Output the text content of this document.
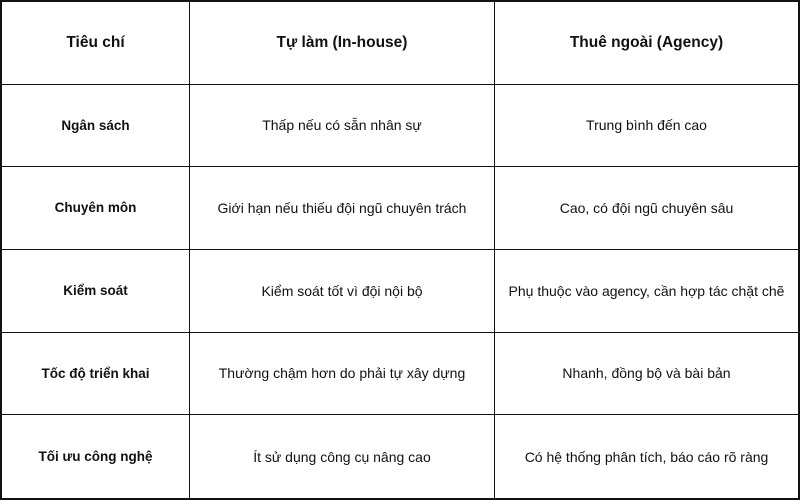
Tiêu chí	Tự làm (In-house)	Thuê ngoài (Agency)
Ngân sách	Thấp nếu có sẵn nhân sự	Trung bình đến cao
Chuyên môn	Giới hạn nếu thiếu đội ngũ chuyên trách	Cao, có đội ngũ chuyên sâu
Kiểm soát	Kiểm soát tốt vì đội nội bộ	Phụ thuộc vào agency, cần hợp tác chặt chẽ
Tốc độ triển khai	Thường chậm hơn do phải tự xây dựng	Nhanh, đồng bộ và bài bản
Tối ưu công nghệ	Ít sử dụng công cụ nâng cao	Có hệ thống phân tích, báo cáo rõ ràng
